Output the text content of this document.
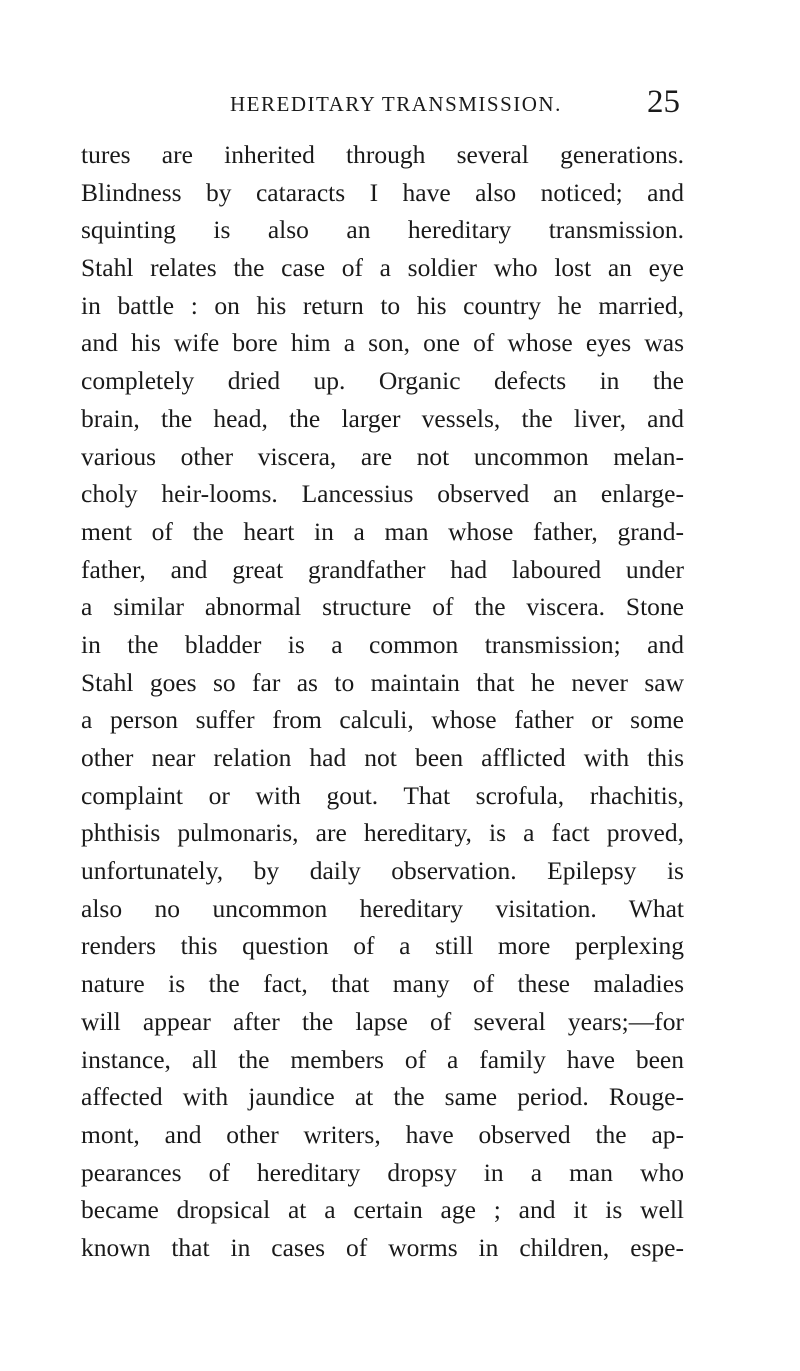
HEREDITARY TRANSMISSION.	25
tures are inherited through several generations.
Blindness by cataracts I have also noticed; and
squinting is also an hereditary transmission.
Stahl relates the case of a soldier who lost an eye
in battle : on his return to his country he married,
and his wife bore him a son, one of whose eyes was
completely dried up. Organic defects in the
brain, the head, the larger vessels, the liver, and
various other viscera, are not uncommon melan-
choly heir-looms. Lancessius observed an enlarge-
ment of the heart in a man whose father, grand-
father, and great grandfather had laboured under
a similar abnormal structure of the viscera. Stone
in the bladder is a common transmission; and
Stahl goes so far as to maintain that he never saw
a person suffer from calculi, whose father or some
other near relation had not been afflicted with this
complaint or with gout. That scrofula, rhachitis,
phthisis pulmonaris, are hereditary, is a fact proved,
unfortunately, by daily observation. Epilepsy is
also no uncommon hereditary visitation. What
renders this question of a still more perplexing
nature is the fact, that many of these maladies
will appear after the lapse of several years;—for
instance, all the members of a family have been
affected with jaundice at the same period. Rouge-
mont, and other writers, have observed the ap-
pearances of hereditary dropsy in a man who
became dropsical at a certain age ; and it is well
known that in cases of worms in children, espe-
